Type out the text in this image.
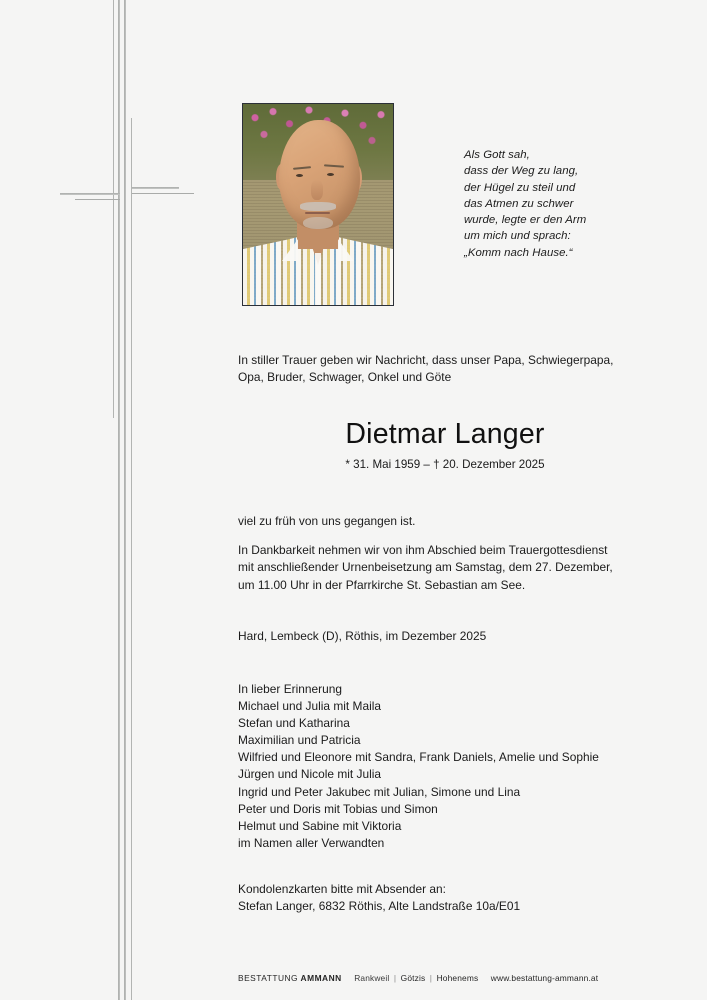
Als Gott sah,
dass der Weg zu lang,
der Hügel zu steil und
das Atmen zu schwer
wurde, legte er den Arm
um mich und sprach:
„Komm nach Hause.“
In stiller Trauer geben wir Nachricht, dass unser Papa, Schwiegerpapa,
Opa, Bruder, Schwager, Onkel und Göte
Dietmar Langer
* 31. Mai 1959 – † 20. Dezember 2025
viel zu früh von uns gegangen ist.
In Dankbarkeit nehmen wir von ihm Abschied beim Trauergottesdienst
mit anschließender Urnenbeisetzung am Samstag, dem 27. Dezember,
um 11.00 Uhr in der Pfarrkirche St. Sebastian am See.
Hard, Lembeck (D), Röthis, im Dezember 2025
In lieber Erinnerung
Michael und Julia mit Maila
Stefan und Katharina
Maximilian und Patricia
Wilfried und Eleonore mit Sandra, Frank Daniels, Amelie und Sophie
Jürgen und Nicole mit Julia
Ingrid und Peter Jakubec mit Julian, Simone und Lina
Peter und Doris mit Tobias und Simon
Helmut und Sabine mit Viktoria
im Namen aller Verwandten
Kondolenzkarten bitte mit Absender an:
Stefan Langer, 6832 Röthis, Alte Landstraße 10a/E01
BESTATTUNG AMMANN Rankweil | Götzis | Hohenems www.bestattung-ammann.at
